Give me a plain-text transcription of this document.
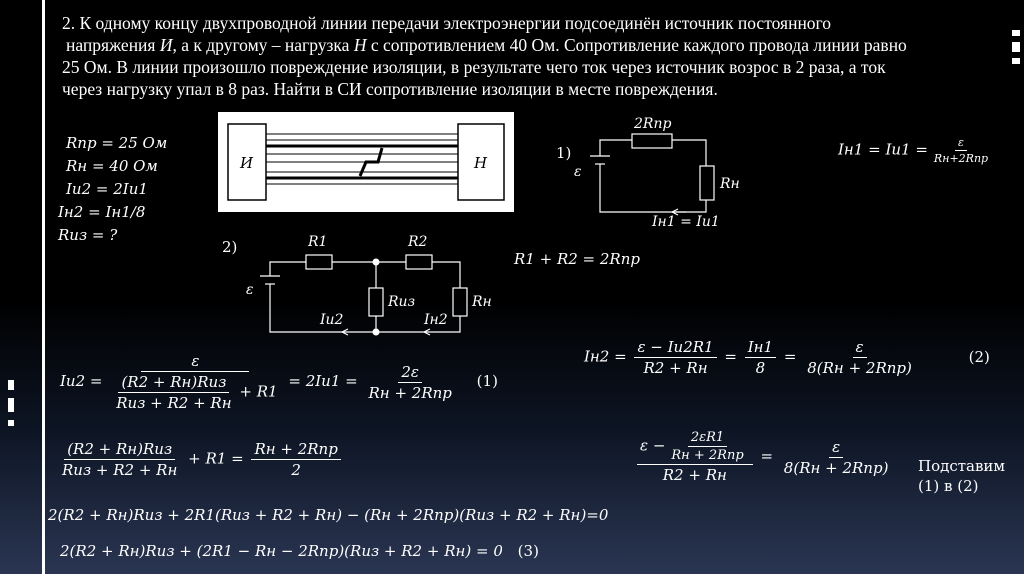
2. К одному концу двухпроводной линии передачи электроэнергии подсоединён источник постоянного

напряжения И, а к другому – нагрузка Н с сопротивлением 40 Ом. Сопротивление каждого провода линии равно

25 Ом. В линии произошло повреждение изоляции, в результате чего ток через источник возрос в 2 раза, а ток

через нагрузку упал в 8 раз. Найти в СИ сопротивление изоляции в месте повреждения.

Rпр = 25 Ом
Rн = 40 Ом
Iи2 = 2Iи1
Iн2 = Iн1/8
Rиз = ?
И	Н
1)
ε
2Rпр
Rн
Iн1 = Iи1
2)
ε
R1	R2
Rиз	Rн
Iи2	Iн2
$Iн1 = Iи1 = \frac{\varepsilon}{\text{Rн+2Rпр}}$
R1 + R2 = 2Rпр
$Iи2 = \frac{\varepsilon}{\frac{\text{(R2 + Rн)Rиз}}{\text{Rиз + R2 + Rн}} + R1} = 2Iи1 = \frac{2\varepsilon}{\text{Rн + 2Rпр}} (1)$
$Iн2 = \frac{\varepsilon - Iи2R1}{R2 + Rн} = \frac{Iн1}{8} = \frac{\varepsilon}{\text{8(Rн + 2Rпр)}}$	(2)
$\frac{\text{(R2 + Rн)Rиз}}{\text{Rиз + R2 + Rн}} + R1 = \frac{\text{Rн + 2Rпр}}{2}$	$\frac{\varepsilon - \frac{2\varepsilon R1}{\text{Rн + 2Rпр}}}{R2 + Rн} = \frac{\varepsilon}{\text{8(Rн + 2Rпр)}}$ Подставим
(1) в (2)
2(R2 + Rн)Rиз + 2R1(Rиз + R2 + Rн) − (Rн + 2Rпр)(Rиз + R2 + Rн)=0
2(R2 + Rн)Rиз + (2R1 − Rн − 2Rпр)(Rиз + R2 + Rн) = 0 (3)
